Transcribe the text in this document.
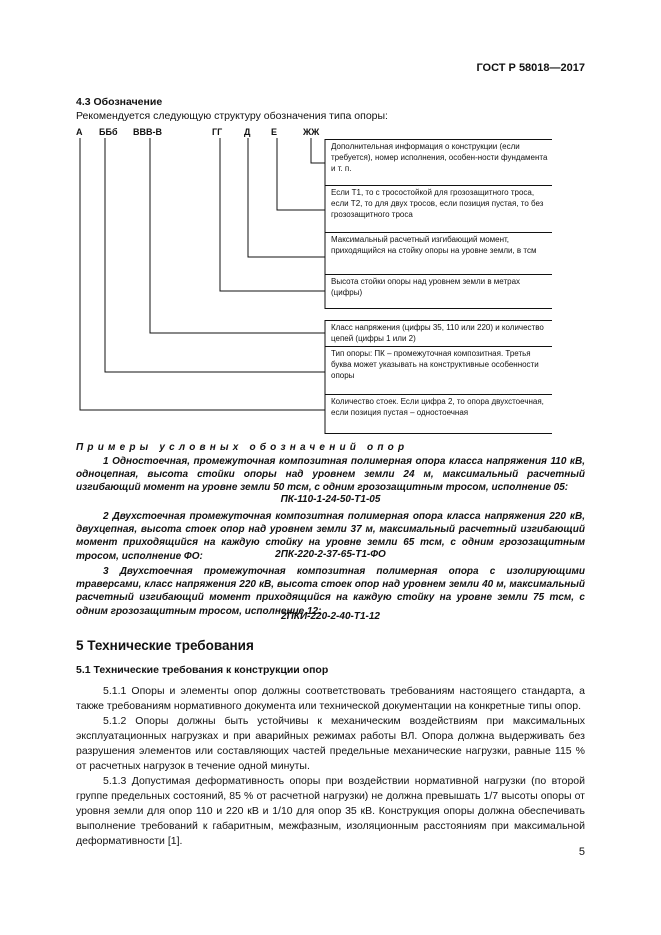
ГОСТ Р 58018—2017
4.3 Обозначение
Рекомендуется следующую структуру обозначения типа опоры:
А ББб ВВВ-В	ГГ Д Е	ЖЖ
Дополнительная информация о конструкции (если требуется), номер исполнения, особен-ности фундамента и т. п.
Если Т1, то с тросостойкой для грозозащитного троса, если Т2, то для двух тросов, если позиция пустая, то без грозозащитного троса
Максимальный расчетный изгибающий момент, приходящийся на стойку опоры на уровне земли, в тсм
Высота стойки опоры над уровнем земли в метрах (цифры)
Класс напряжения (цифры 35, 110 или 220) и количество цепей (цифры 1 или 2)
Тип опоры: ПК – промежуточная композитная. Третья буква может указывать на конструктивные особенности опоры
Количество стоек. Если цифра 2, то опора двухстоечная, если позиция пустая – одностоечная
Примеры условных обозначений опор

1 Одностоечная, промежуточная композитная полимерная опора класса напряжения 110 кВ, одноцепная, высота стойки опоры над уровнем земли 24 м, максимальный расчетный изгибающий момент на уровне земли 50 тсм, с одним грозозащитным тросом, исполнение 05:

ПК-110-1-24-50-Т1-05

2 Двухстоечная промежуточная композитная полимерная опора класса напряжения 220 кВ, двухцепная, высота стоек опор над уровнем земли 37 м, максимальный расчетный изгибающий момент приходящийся на каждую стойку на уровне земли 65 тсм, с одним грозозащитным тросом, исполнение ФО:	2ПК-220-2-37-65-Т1-ФО

3 Двухстоечная промежуточная композитная полимерная опора с изолирующими траверсами, класс напряжения 220 кВ, высота стоек опор над уровнем земли 40 м, максимальный расчетный изгибающий момент приходящийся на каждую стойку на уровне земли 75 тсм, с одним грозозащитным тросом, исполнение 12:

2ПКИ-220-2-40-Т1-12
5 Технические требования
5.1 Технические требования к конструкции опор

5.1.1 Опоры и элементы опор должны соответствовать требованиям настоящего стандарта, а также требованиям нормативного документа или технической документации на конкретные типы опор.

5.1.2 Опоры должны быть устойчивы к механическим воздействиям при максимальных эксплуатационных нагрузках и при аварийных режимах работы ВЛ. Опора должна выдерживать без разрушения элементов или составляющих частей предельные механические нагрузки, равные 115 % от расчетных нагрузок в течение одной минуты.

5.1.3 Допустимая деформативность опоры при воздействии нормативной нагрузки (по второй группе предельных состояний, 85 % от расчетной нагрузки) не должна превышать 1/7 высоты опоры от уровня земли для опор 110 и 220 кВ и 1/10 для опор 35 кВ. Конструкция опоры должна обеспечивать выполнение требований к габаритным, межфазным, изоляционным расстояниям при максимальной деформативности [1].

5
